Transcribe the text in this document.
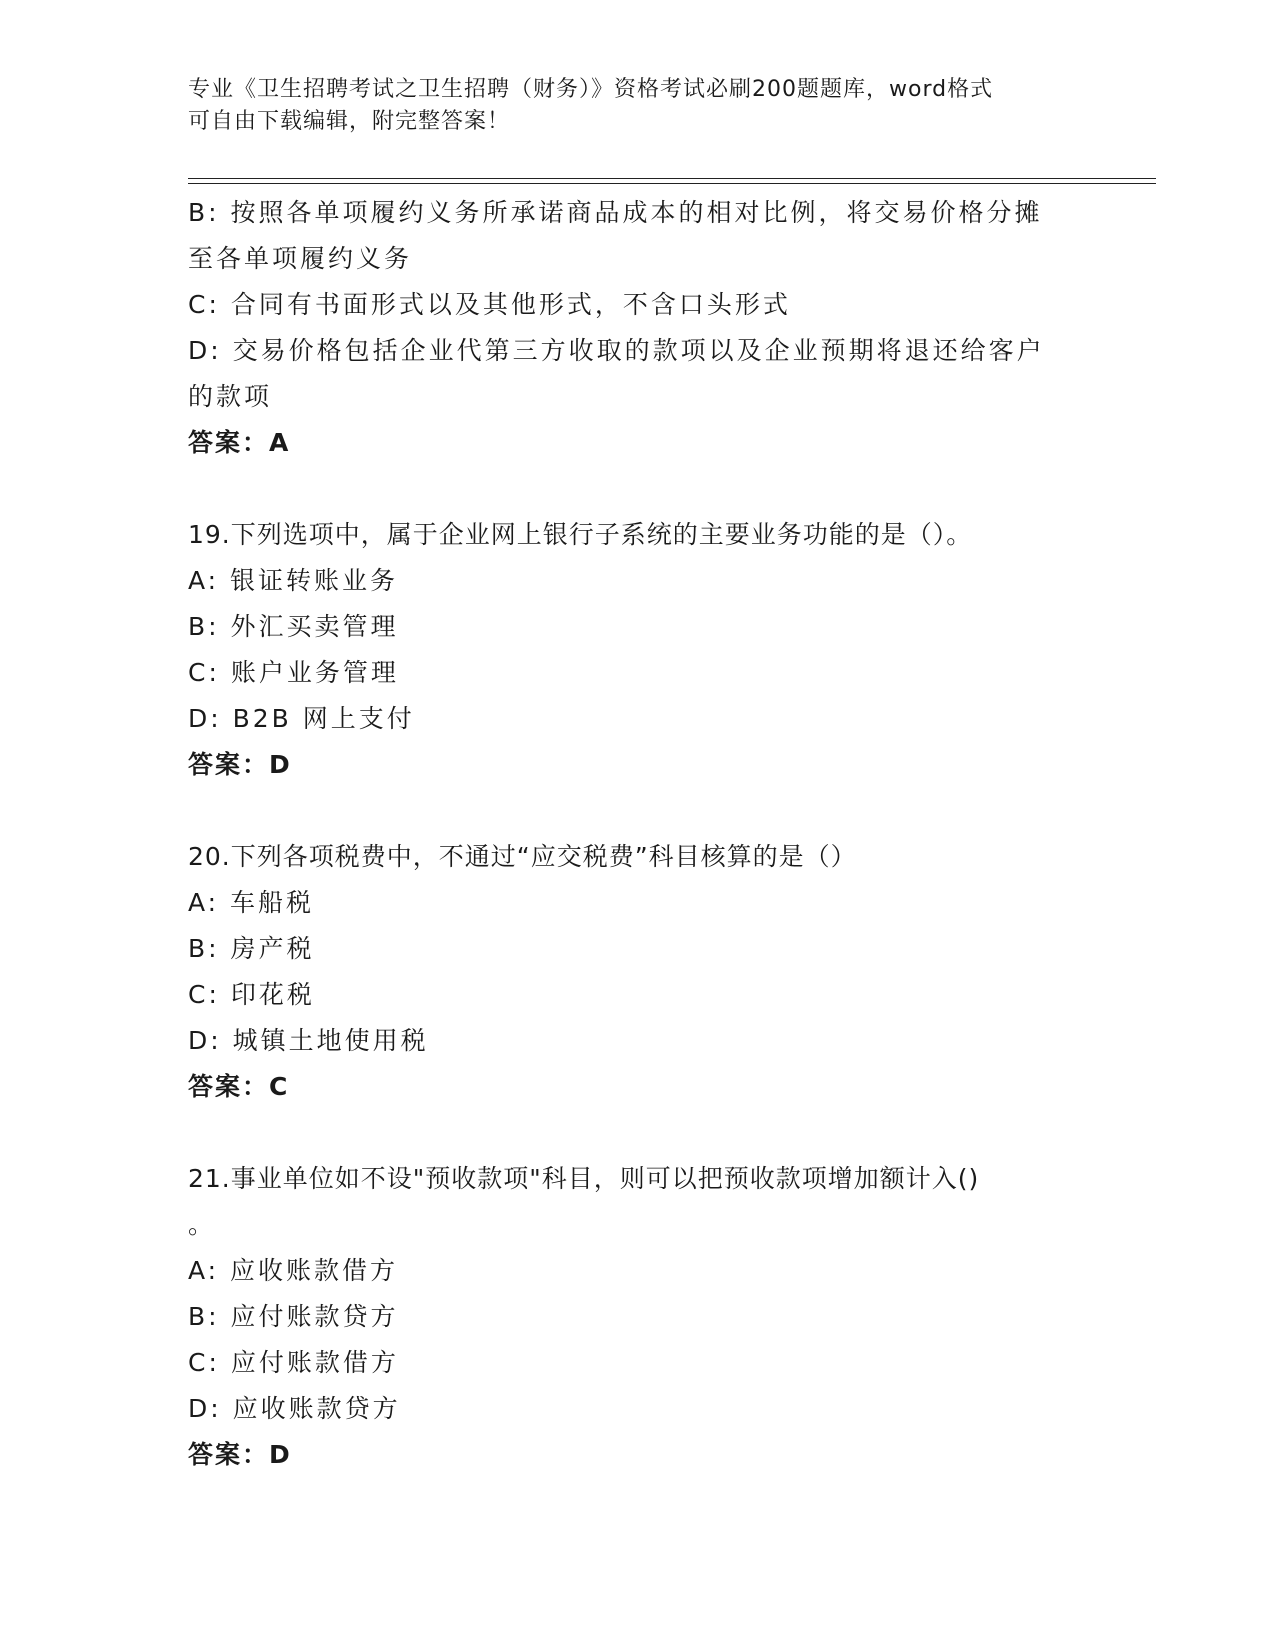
专业《卫生招聘考试之卫生招聘（财务）》资格考试必刷200题题库，word格式
可自由下载编辑，附完整答案！
B: 按照各单项履约义务所承诺商品成本的相对比例，将交易价格分摊
至各单项履约义务
C: 合同有书面形式以及其他形式，不含口头形式
D: 交易价格包括企业代第三方收取的款项以及企业预期将退还给客户
的款项
答案：A
19.下列选项中，属于企业网上银行子系统的主要业务功能的是（）。
A: 银证转账业务
B: 外汇买卖管理
C: 账户业务管理
D: B2B 网上支付
答案：D
20.下列各项税费中，不通过“应交税费”科目核算的是（）
A: 车船税
B: 房产税
C: 印花税
D: 城镇土地使用税
答案：C
21.事业单位如不设"预收款项"科目，则可以把预收款项增加额计入()
。
A: 应收账款借方
B: 应付账款贷方
C: 应付账款借方
D: 应收账款贷方
答案：D
